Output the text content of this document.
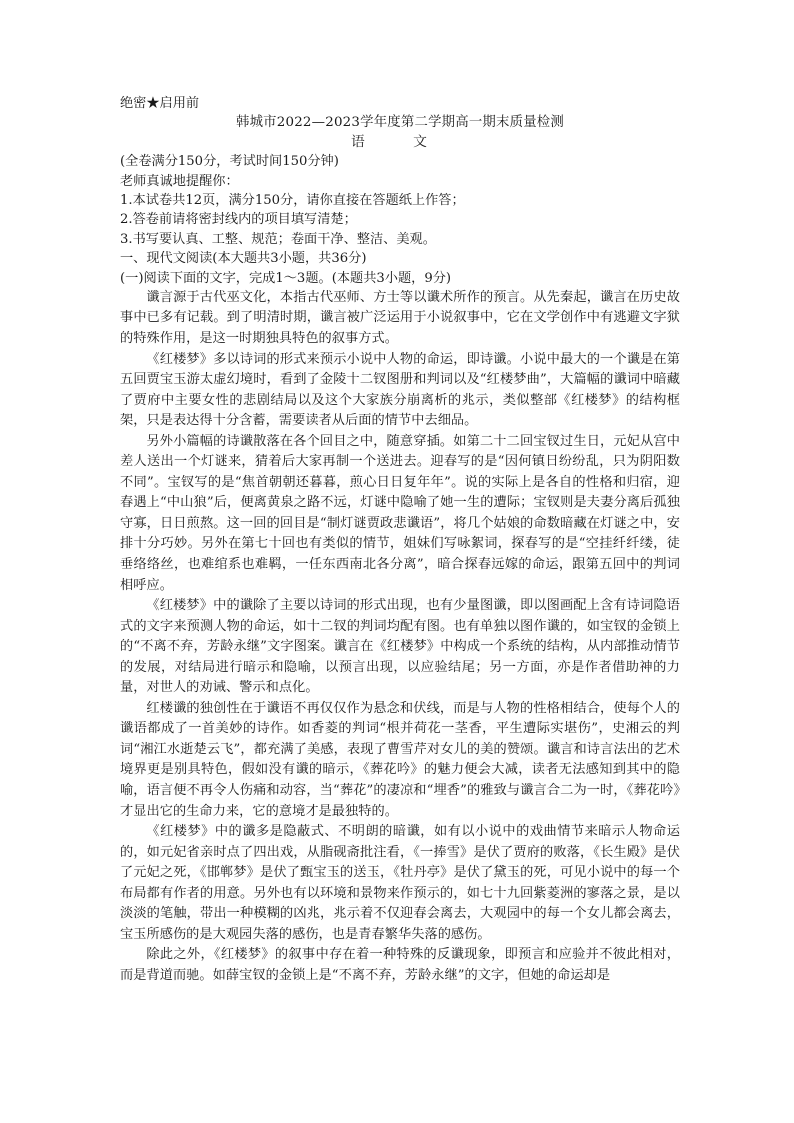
绝密★启用前

韩城市2022—2023学年度第二学期高一期末质量检测

语 文

(全卷满分150分，考试时间150分钟)

老师真诚地提醒你：

1.本试卷共12页，满分150分，请你直接在答题纸上作答；

2.答卷前请将密封线内的项目填写清楚；

3.书写要认真、工整、规范；卷面干净、整洁、美观。

一、现代文阅读(本大题共3小题，共36分)

(一)阅读下面的文字，完成1～3题。(本题共3小题，9分)

谶言源于古代巫文化，本指古代巫师、方士等以谶术所作的预言。从先秦起，谶言在历史故事中已多有记载。到了明清时期，谶言被广泛运用于小说叙事中，它在文学创作中有逃避文字狱的特殊作用，是这一时期独具特色的叙事方式。

《红楼梦》多以诗词的形式来预示小说中人物的命运，即诗谶。小说中最大的一个谶是在第五回贾宝玉游太虚幻境时，看到了金陵十二钗图册和判词以及“红楼梦曲”，大篇幅的谶词中暗藏了贾府中主要女性的悲剧结局以及这个大家族分崩离析的兆示，类似整部《红楼梦》的结构框架，只是表达得十分含蓄，需要读者从后面的情节中去细品。

另外小篇幅的诗谶散落在各个回目之中，随意穿插。如第二十二回宝钗过生日，元妃从宫中差人送出一个灯谜来，猜着后大家再制一个送进去。迎春写的是“因何镇日纷纷乱，只为阴阳数不同”。宝钗写的是“焦首朝朝还暮暮，煎心日日复年年”。说的实际上是各自的性格和归宿，迎春遇上“中山狼”后，便离黄泉之路不远，灯谜中隐喻了她一生的遭际；宝钗则是夫妻分离后孤独守寡，日日煎熬。这一回的回目是“制灯谜贾政悲谶语”，将几个姑娘的命数暗藏在灯谜之中，安排十分巧妙。另外在第七十回也有类似的情节，姐妹们写咏絮词，探春写的是“空挂纤纤缕，徒垂络络丝，也难绾系也难羁，一任东西南北各分离”，暗合探春远嫁的命运，跟第五回中的判词相呼应。

《红楼梦》中的谶除了主要以诗词的形式出现，也有少量图谶，即以图画配上含有诗词隐语式的文字来预测人物的命运，如十二钗的判词均配有图。也有单独以图作谶的，如宝钗的金锁上的“不离不弃，芳龄永继”文字图案。谶言在《红楼梦》中构成一个系统的结构，从内部推动情节的发展，对结局进行暗示和隐喻，以预言出现，以应验结尾；另一方面，亦是作者借助神的力量，对世人的劝诫、警示和点化。

红楼谶的独创性在于谶语不再仅仅作为悬念和伏线，而是与人物的性格相结合，使每个人的谶语都成了一首美妙的诗作。如香菱的判词“根并荷花一茎香，平生遭际实堪伤”，史湘云的判词“湘江水逝楚云飞”，都充满了美感，表现了曹雪芹对女儿的美的赞颂。谶言和诗言法出的艺术境界更是别具特色，假如没有谶的暗示，《葬花吟》的魅力便会大减，读者无法感知到其中的隐喻，语言便不再令人伤痛和动容，当“葬花”的凄凉和“埋香”的雅致与谶言合二为一时，《葬花吟》才显出它的生命力来，它的意境才是最独特的。

《红楼梦》中的谶多是隐蔽式、不明朗的暗谶，如有以小说中的戏曲情节来暗示人物命运的，如元妃省亲时点了四出戏，从脂砚斋批注看，《一捧雪》是伏了贾府的败落，《长生殿》是伏了元妃之死，《邯郸梦》是伏了甄宝玉的送玉，《牡丹亭》是伏了黛玉的死，可见小说中的每一个布局都有作者的用意。另外也有以环境和景物来作预示的，如七十九回紫菱洲的寥落之景，是以淡淡的笔触，带出一种模糊的凶兆，兆示着不仅迎春会离去，大观园中的每一个女儿都会离去，宝玉所感伤的是大观园失落的感伤，也是青春繁华失落的感伤。

除此之外，《红楼梦》的叙事中存在着一种特殊的反谶现象，即预言和应验并不彼此相对，而是背道而驰。如薛宝钗的金锁上是“不离不弃，芳龄永继”的文字，但她的命运却是
